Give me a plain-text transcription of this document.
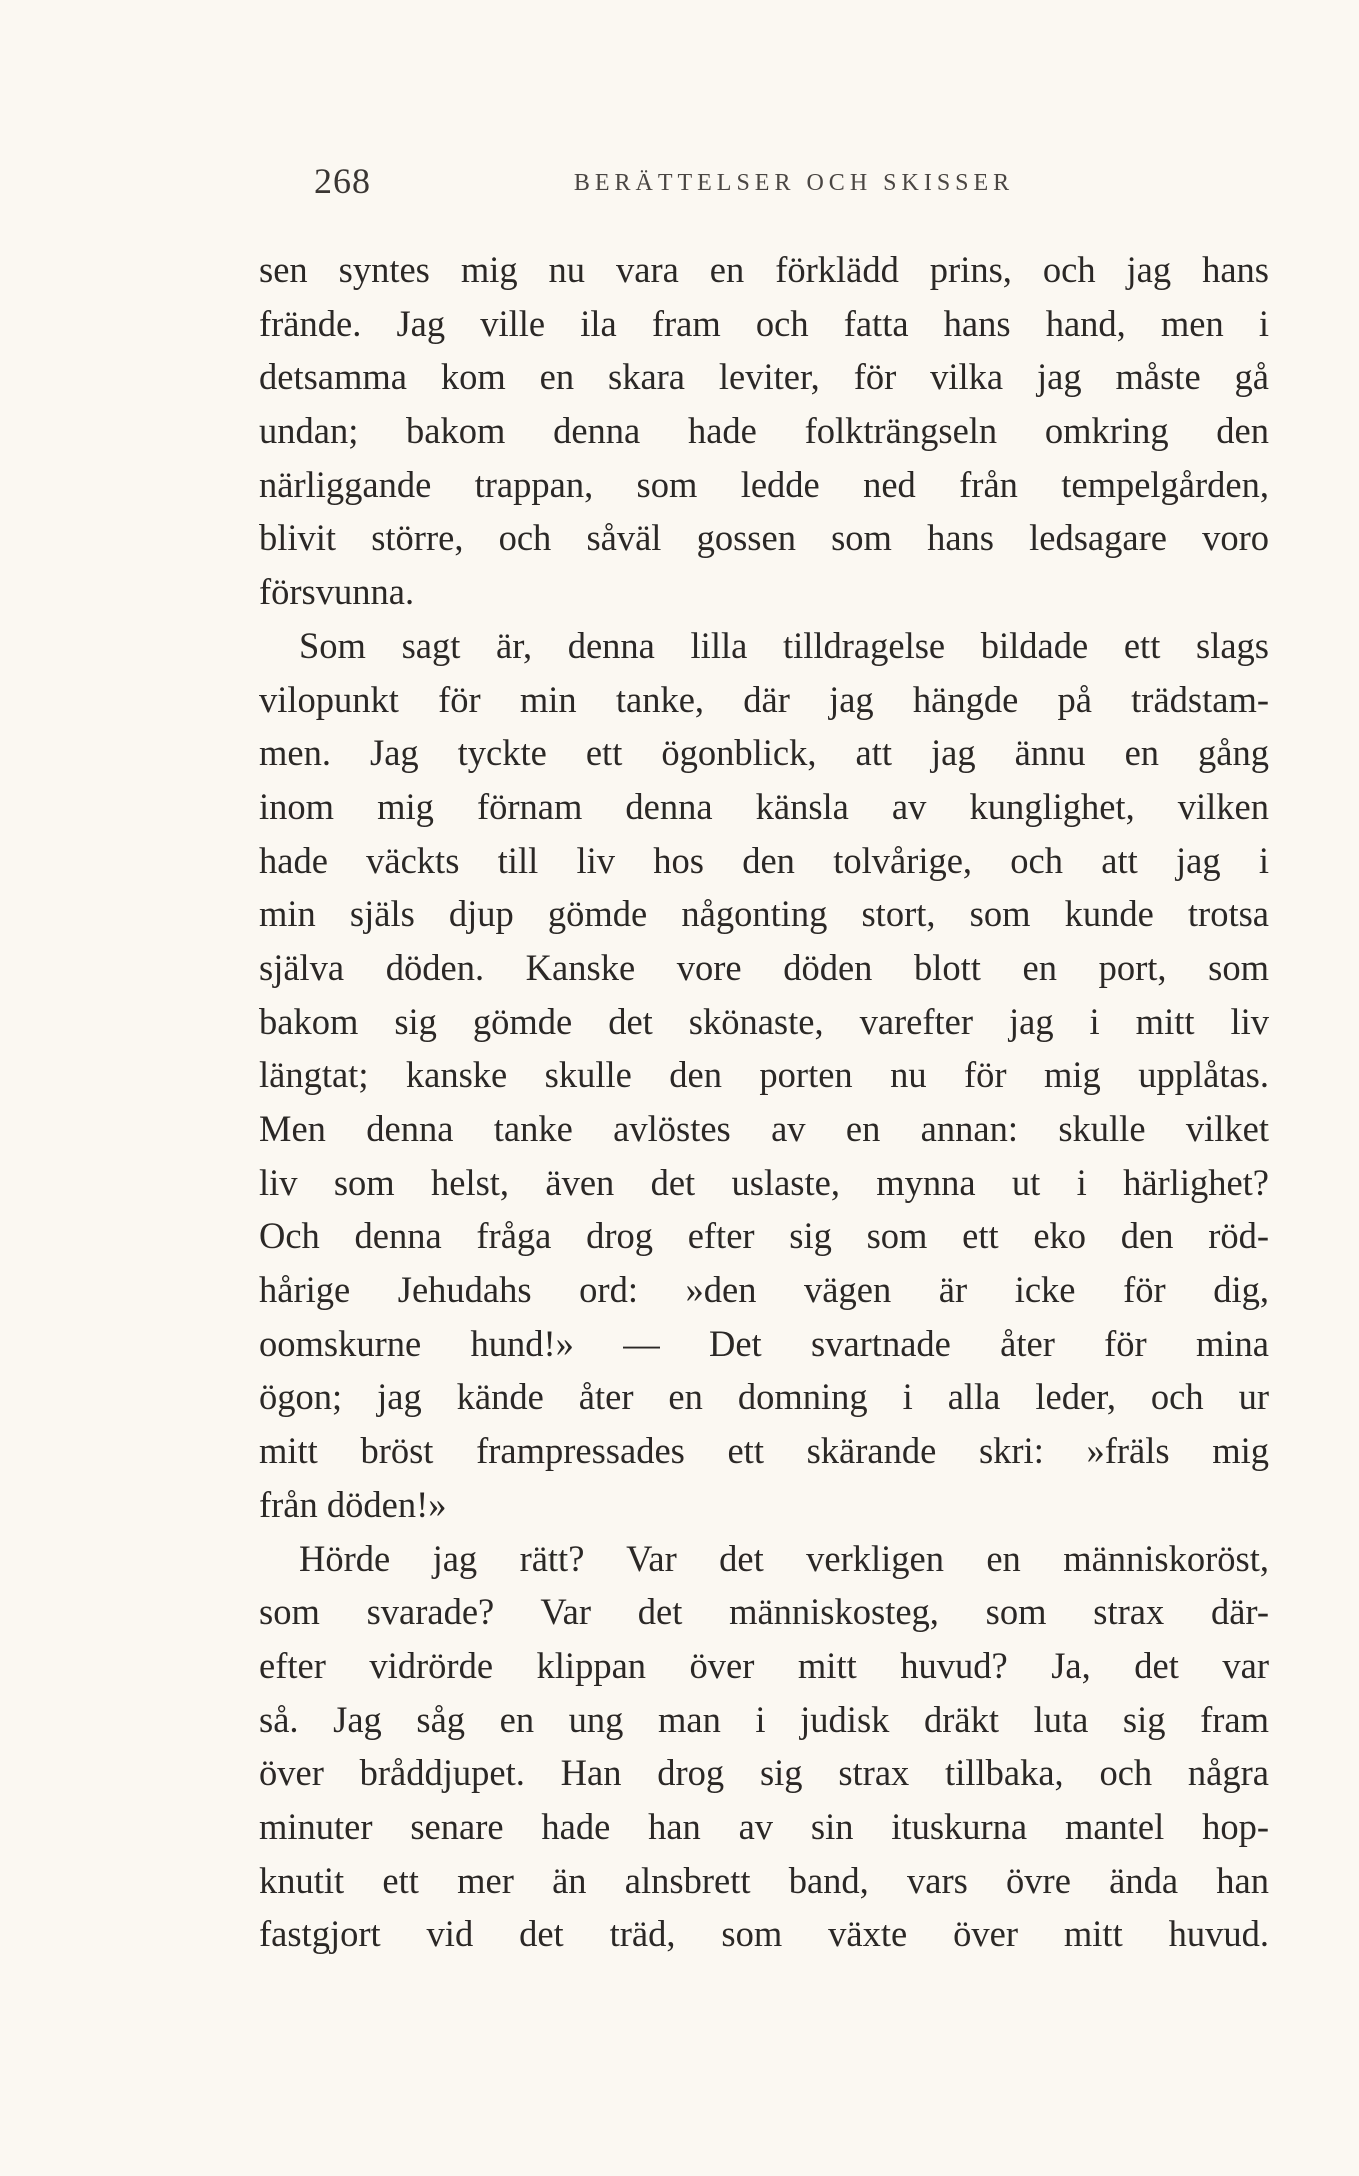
268	BERÄTTELSER OCH SKISSER
sen syntes mig nu vara en förklädd prins, och jag hans
frände. Jag ville ila fram och fatta hans hand, men i
detsamma kom en skara leviter, för vilka jag måste gå
undan; bakom denna hade folkträngseln omkring den
närliggande trappan, som ledde ned från tempelgården,
blivit större, och såväl gossen som hans ledsagare voro
försvunna.
Som sagt är, denna lilla tilldragelse bildade ett slags
vilopunkt för min tanke, där jag hängde på trädstam-
men. Jag tyckte ett ögonblick, att jag ännu en gång
inom mig förnam denna känsla av kunglighet, vilken
hade väckts till liv hos den tolvårige, och att jag i
min själs djup gömde någonting stort, som kunde trotsa
själva döden. Kanske vore döden blott en port, som
bakom sig gömde det skönaste, varefter jag i mitt liv
längtat; kanske skulle den porten nu för mig upplåtas.
Men denna tanke avlöstes av en annan: skulle vilket
liv som helst, även det uslaste, mynna ut i härlighet?
Och denna fråga drog efter sig som ett eko den röd-
hårige Jehudahs ord: »den vägen är icke för dig,
oomskurne hund!» — Det svartnade åter för mina
ögon; jag kände åter en domning i alla leder, och ur
mitt bröst frampressades ett skärande skri: »fräls mig
från döden!»
Hörde jag rätt? Var det verkligen en människoröst,
som svarade? Var det människosteg, som strax där-
efter vidrörde klippan över mitt huvud? Ja, det var
så. Jag såg en ung man i judisk dräkt luta sig fram
över bråddjupet. Han drog sig strax tillbaka, och några
minuter senare hade han av sin ituskurna mantel hop-
knutit ett mer än alnsbrett band, vars övre ända han
fastgjort vid det träd, som växte över mitt huvud.
